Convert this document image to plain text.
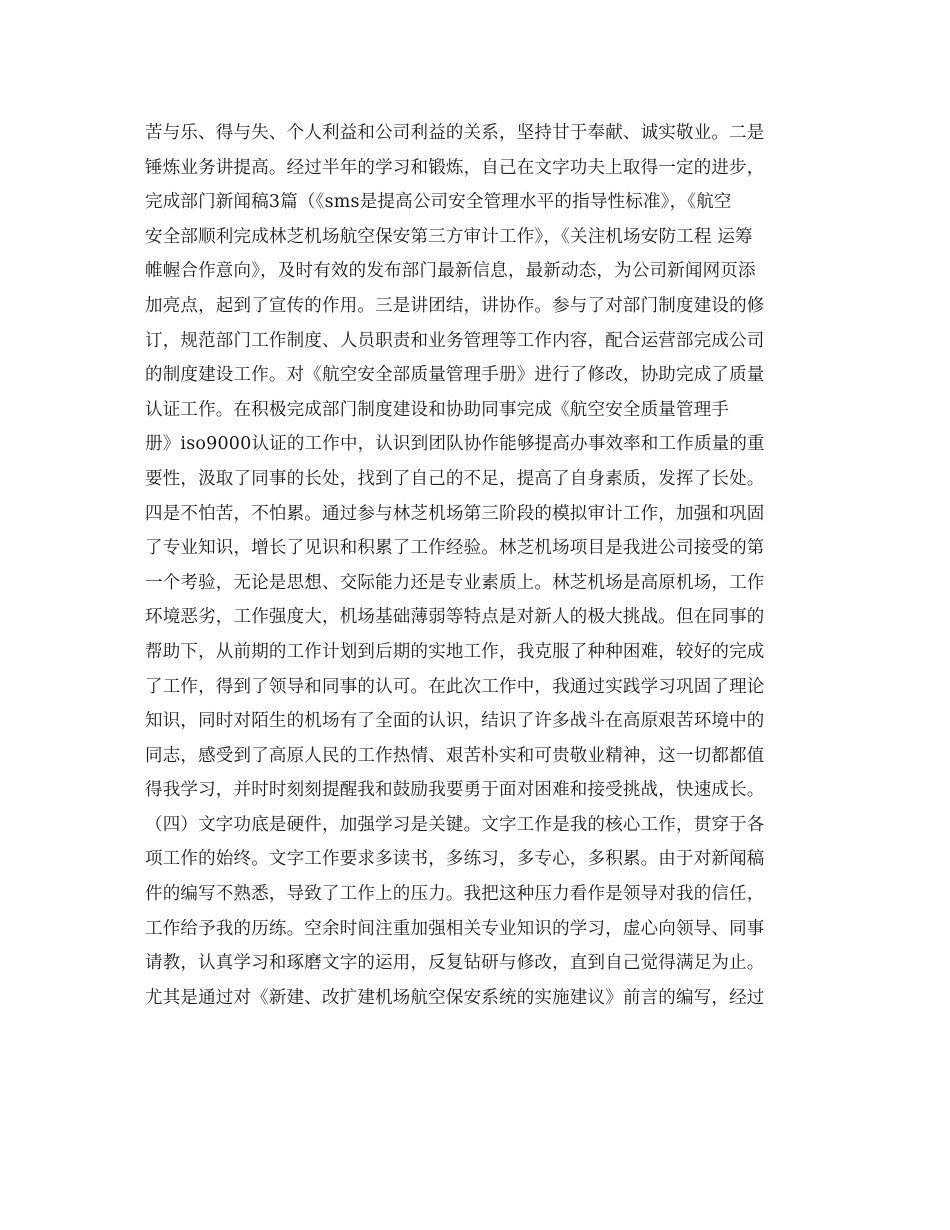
苦与乐、得与失、个人利益和公司利益的关系，坚持甘于奉献、诚实敬业。二是
锤炼业务讲提高。经过半年的学习和锻炼，自己在文字功夫上取得一定的进步，
完成部门新闻稿3篇（《sms是提高公司安全管理水平的指导性标准》，《航空
安全部顺利完成林芝机场航空保安第三方审计工作》，《关注机场安防工程 运筹
帷幄合作意向》，及时有效的发布部门最新信息，最新动态，为公司新闻网页添
加亮点，起到了宣传的作用。三是讲团结，讲协作。参与了对部门制度建设的修
订，规范部门工作制度、人员职责和业务管理等工作内容，配合运营部完成公司
的制度建设工作。对《航空安全部质量管理手册》进行了修改，协助完成了质量
认证工作。在积极完成部门制度建设和协助同事完成《航空安全质量管理手
册》iso9000认证的工作中，认识到团队协作能够提高办事效率和工作质量的重
要性，汲取了同事的长处，找到了自己的不足，提高了自身素质，发挥了长处。
四是不怕苦，不怕累。通过参与林芝机场第三阶段的模拟审计工作，加强和巩固
了专业知识，增长了见识和积累了工作经验。林芝机场项目是我进公司接受的第
一个考验，无论是思想、交际能力还是专业素质上。林芝机场是高原机场，工作
环境恶劣，工作强度大，机场基础薄弱等特点是对新人的极大挑战。但在同事的
帮助下，从前期的工作计划到后期的实地工作，我克服了种种困难，较好的完成
了工作，得到了领导和同事的认可。在此次工作中，我通过实践学习巩固了理论
知识，同时对陌生的机场有了全面的认识，结识了许多战斗在高原艰苦环境中的
同志，感受到了高原人民的工作热情、艰苦朴实和可贵敬业精神，这一切都都值
得我学习，并时时刻刻提醒我和鼓励我要勇于面对困难和接受挑战，快速成长。
（四）文字功底是硬件，加强学习是关键。文字工作是我的核心工作，贯穿于各
项工作的始终。文字工作要求多读书，多练习，多专心，多积累。由于对新闻稿
件的编写不熟悉，导致了工作上的压力。我把这种压力看作是领导对我的信任，
工作给予我的历练。空余时间注重加强相关专业知识的学习，虚心向领导、同事
请教，认真学习和琢磨文字的运用，反复钻研与修改，直到自己觉得满足为止。
尤其是通过对《新建、改扩建机场航空保安系统的实施建议》前言的编写，经过
